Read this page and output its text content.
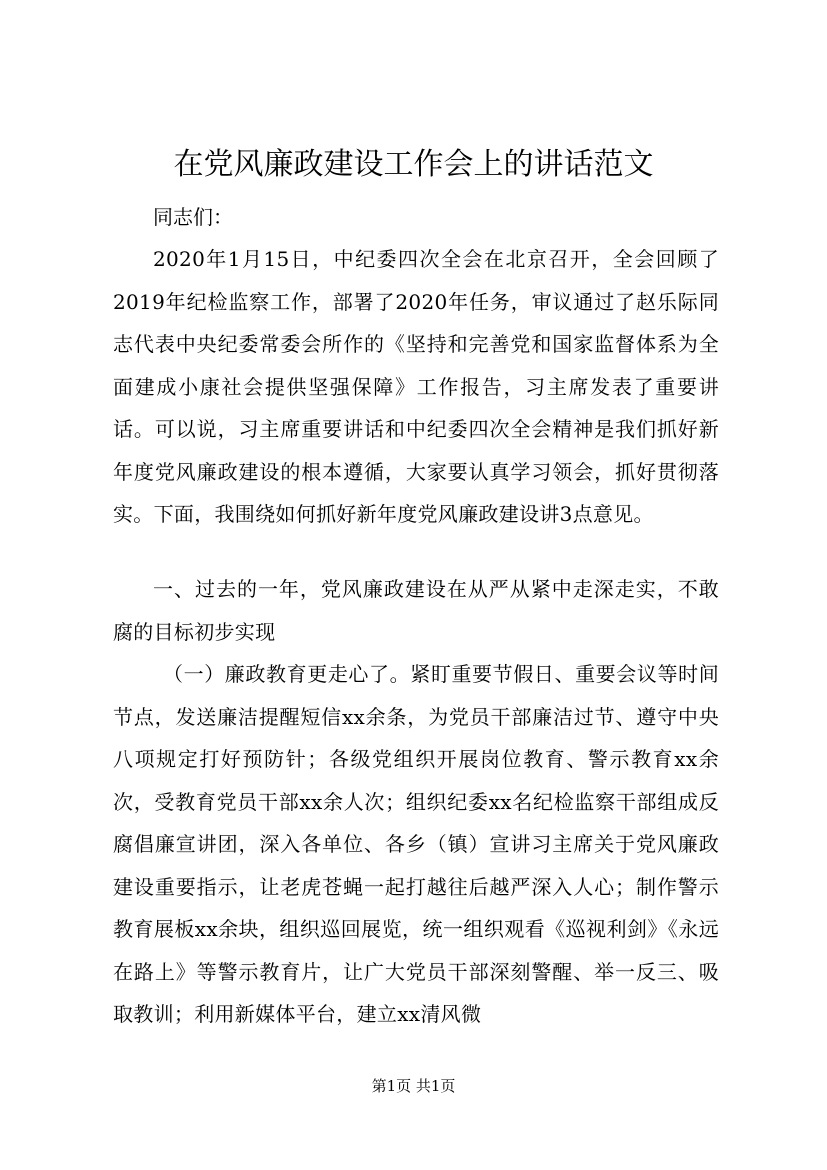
在党风廉政建设工作会上的讲话范文

同志们：

2020年1月15日，中纪委四次全会在北京召开，全会回顾了2019年纪检监察工作，部署了2020年任务，审议通过了赵乐际同志代表中央纪委常委会所作的《坚持和完善党和国家监督体系为全面建成小康社会提供坚强保障》工作报告，习主席发表了重要讲话。可以说，习主席重要讲话和中纪委四次全会精神是我们抓好新年度党风廉政建设的根本遵循，大家要认真学习领会，抓好贯彻落实。下面，我围绕如何抓好新年度党风廉政建设讲3点意见。

一、过去的一年，党风廉政建设在从严从紧中走深走实，不敢腐的目标初步实现

（一）廉政教育更走心了。紧盯重要节假日、重要会议等时间节点，发送廉洁提醒短信xx余条，为党员干部廉洁过节、遵守中央八项规定打好预防针；各级党组织开展岗位教育、警示教育xx余次，受教育党员干部xx余人次；组织纪委xx名纪检监察干部组成反腐倡廉宣讲团，深入各单位、各乡（镇）宣讲习主席关于党风廉政建设重要指示，让老虎苍蝇一起打越往后越严深入人心；制作警示教育展板xx余块，组织巡回展览，统一组织观看《巡视利剑》《永远在路上》等警示教育片，让广大党员干部深刻警醒、举一反三、吸取教训；利用新媒体平台，建立xx清风微

第1页 共1页
